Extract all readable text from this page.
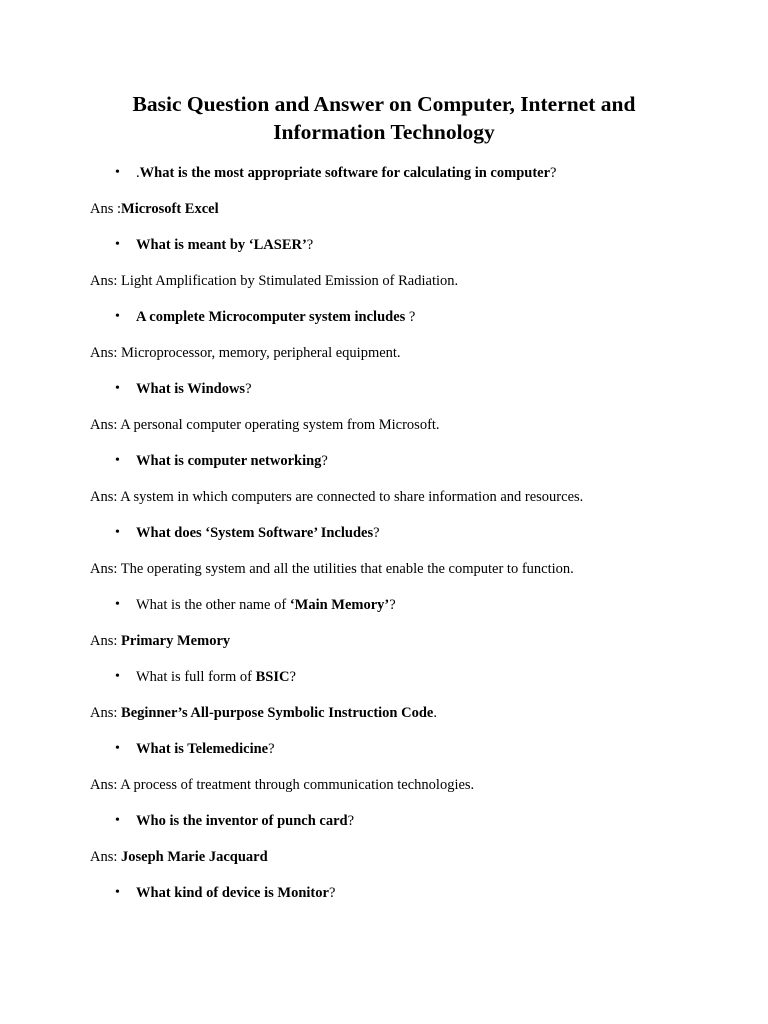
Basic Question and Answer on Computer, Internet and
Information Technology
• .What is the most appropriate software for calculating in computer?
Ans :Microsoft Excel
• What is meant by ‘LASER’?
Ans: Light Amplification by Stimulated Emission of Radiation.
• A complete Microcomputer system includes ?
Ans: Microprocessor, memory, peripheral equipment.
• What is Windows?
Ans: A personal computer operating system from Microsoft.
• What is computer networking?
Ans: A system in which computers are connected to share information and resources.
• What does ‘System Software’ Includes?
Ans: The operating system and all the utilities that enable the computer to function.
• What is the other name of ‘Main Memory’?
Ans: Primary Memory
• What is full form of BSIC?
Ans: Beginner’s All-purpose Symbolic Instruction Code.
• What is Telemedicine?
Ans: A process of treatment through communication technologies.
• Who is the inventor of punch card?
Ans: Joseph Marie Jacquard
• What kind of device is Monitor?
